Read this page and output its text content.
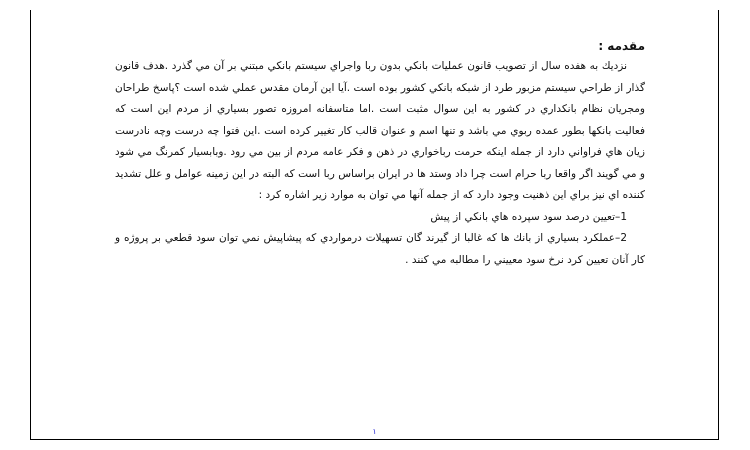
مقدمه :

نزديك به هفده سال از تصويب قانون عمليات بانكي بدون ربا واجراي سيستم بانكي مبتني بر آن مي گذرد .هدف قانون گذار از طراحي سيستم مزبور طرد از شبكه بانكي كشور بوده است .آيا اين آرمان مقدس عملي شده است ؟پاسخ طراحان ومجريان نظام بانكداري در كشور به اين سوال مثبت است .اما متاسفانه امروزه تصور بسياري از مردم اين است كه فعاليت بانكها بطور عمده ربوي مي باشد و تنها اسم و عنوان قالب كار تغيير كرده است .اين فتوا چه درست وچه نادرست زيان هاي فراواني دارد از جمله اينكه حرمت رباخواري در ذهن و فكر عامه مردم از بين مي رود .وبابسيار كمرنگ مي شود و مي گويند اگر واقعا ربا حرام است چرا داد وستد ها در ايران براساس ربا است كه البته در اين زمينه عوامل و علل تشديد كننده اي نيز براي اين ذهنيت وجود دارد كه از جمله آنها مي توان به موارد زير اشاره كرد :

1–تعيين درصد سود سپرده هاي بانكي از پيش

2–عملكرد بسياري از بانك ها كه غالبا از گيرند گان تسهيلات درمواردي كه پيشاپيش نمي توان سود قطعي بر پروژه و كار آنان تعيين كرد نرخ سود معييني را مطالبه مي كنند .

۱
